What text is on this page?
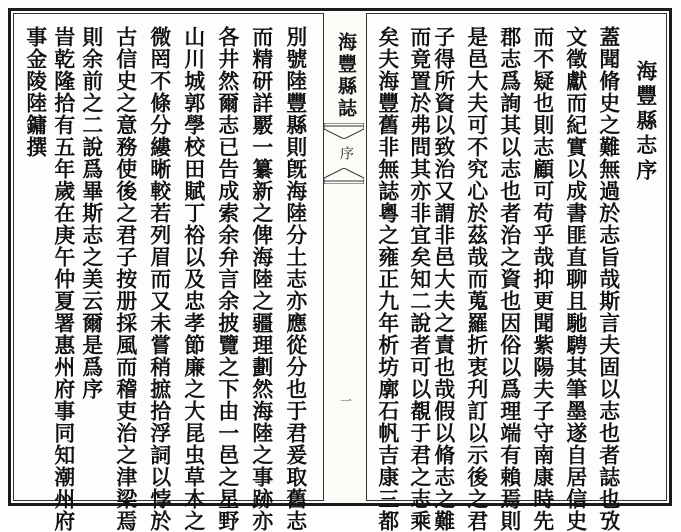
海豐縣誌
序
一
海豐縣志序
蓋聞脩史之難無過於志旨哉斯言夫固以志也者誌也攷
文徵獻而紀實以成書匪直聊且馳騁其筆墨遂自居信史
而不疑也則志顧可苟乎哉抑更聞紫陽夫子守南康時先
郡志爲詢其以志也者治之資也因俗以爲理端有賴焉則
是邑大夫可不究心於茲哉而蒐羅折衷刋訂以示後之君
子得所資以致治又謂非邑大夫之責也哉假以脩志之難
而竟置於弗問其亦非宜矣知二說者可以覩于君之志乘
矣夫海豐舊非無誌粵之雍正九年析坊廓石帆吉康三都
別號陸豐縣則旣海陸分土志亦應從分也于君爰取舊志
而精研詳覈一纂新之俾海陸之疆理劃然海陸之事跡亦
各井然爾志已告成索余弁言余披覽之下由一邑之星野
山川城郭學校田賦丁𥙿以及忠孝節廉之大昆虫草木之
微罔不條分縷晰較若列眉而又未嘗稍摭拾浮詞以悖於
古信史之意務使後之君子按册採風而稽吏治之津梁焉
則余前之二說爲畢斯志之美云爾是爲序
旹乾隆拾有五年歲在庚午仲夏署惠州府事同知潮州府
事金陵陸鏞撰
